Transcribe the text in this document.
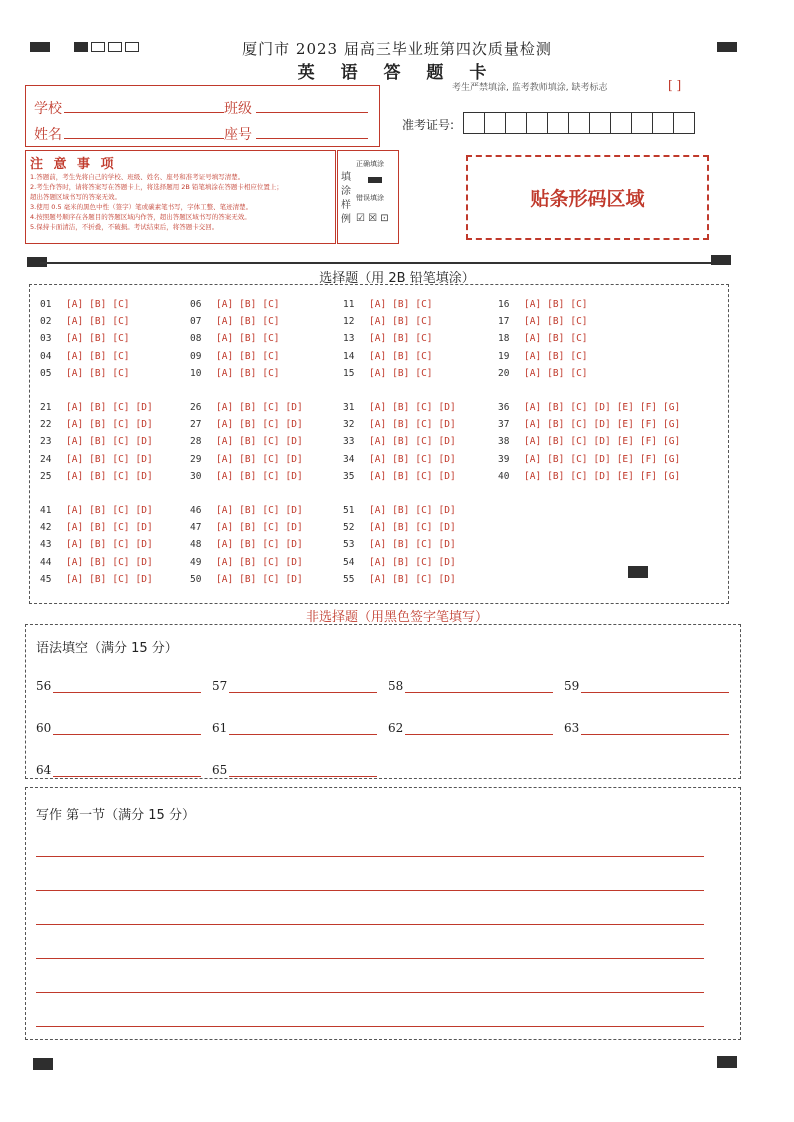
厦门市 2023 届高三毕业班第四次质量检测
英 语 答 题 卡
考生严禁填涂, 监考教师填涂, 缺考标志	[ ]
学校	班级
姓名	座号
准考证号:
注 意 事 项

1.答题前，考生先将自己的学校、班级、姓名、座号和准考证号填写清楚。

2.考生作答时，请将答案写在答题卡上，将选择题用 2B 铅笔填涂在答题卡相应位置上；

超出答题区域书写的答案无效。

3.使用 0.5 毫米的黑色中性（签字）笔或碳素笔书写，字体工整、笔迹清楚。

4.按照题号顺序在各题目的答题区域内作答，超出答题区域书写的答案无效。

5.保持卡面清洁，不折叠，不破损。考试结束后，将答题卡交回。

填涂样例
正确填涂
错误填涂
☑ ☒ ⊡
贴条形码区域
选择题（用 2B 铅笔填涂）
01 [A] [B] [C]
02 [A] [B] [C]
03 [A] [B] [C]
04 [A] [B] [C]
05 [A] [B] [C]
06 [A] [B] [C]
07 [A] [B] [C]
08 [A] [B] [C]
09 [A] [B] [C]
10 [A] [B] [C]
11 [A] [B] [C]
12 [A] [B] [C]
13 [A] [B] [C]
14 [A] [B] [C]
15 [A] [B] [C]
16 [A] [B] [C]
17 [A] [B] [C]
18 [A] [B] [C]
19 [A] [B] [C]
20 [A] [B] [C]
21 [A] [B] [C] [D]
22 [A] [B] [C] [D]
23 [A] [B] [C] [D]
24 [A] [B] [C] [D]
25 [A] [B] [C] [D]
26 [A] [B] [C] [D]
27 [A] [B] [C] [D]
28 [A] [B] [C] [D]
29 [A] [B] [C] [D]
30 [A] [B] [C] [D]
31 [A] [B] [C] [D]
32 [A] [B] [C] [D]
33 [A] [B] [C] [D]
34 [A] [B] [C] [D]
35 [A] [B] [C] [D]
36 [A] [B] [C] [D] [E] [F] [G]
37 [A] [B] [C] [D] [E] [F] [G]
38 [A] [B] [C] [D] [E] [F] [G]
39 [A] [B] [C] [D] [E] [F] [G]
40 [A] [B] [C] [D] [E] [F] [G]
41 [A] [B] [C] [D]
42 [A] [B] [C] [D]
43 [A] [B] [C] [D]
44 [A] [B] [C] [D]
45 [A] [B] [C] [D]
46 [A] [B] [C] [D]
47 [A] [B] [C] [D]
48 [A] [B] [C] [D]
49 [A] [B] [C] [D]
50 [A] [B] [C] [D]
51 [A] [B] [C] [D]
52 [A] [B] [C] [D]
53 [A] [B] [C] [D]
54 [A] [B] [C] [D]
55 [A] [B] [C] [D]
非选择题（用黑色签字笔填写）
语法填空（满分 15 分）
56	57	58	59
60	61	62	63
64	65
写作 第一节（满分 15 分）
